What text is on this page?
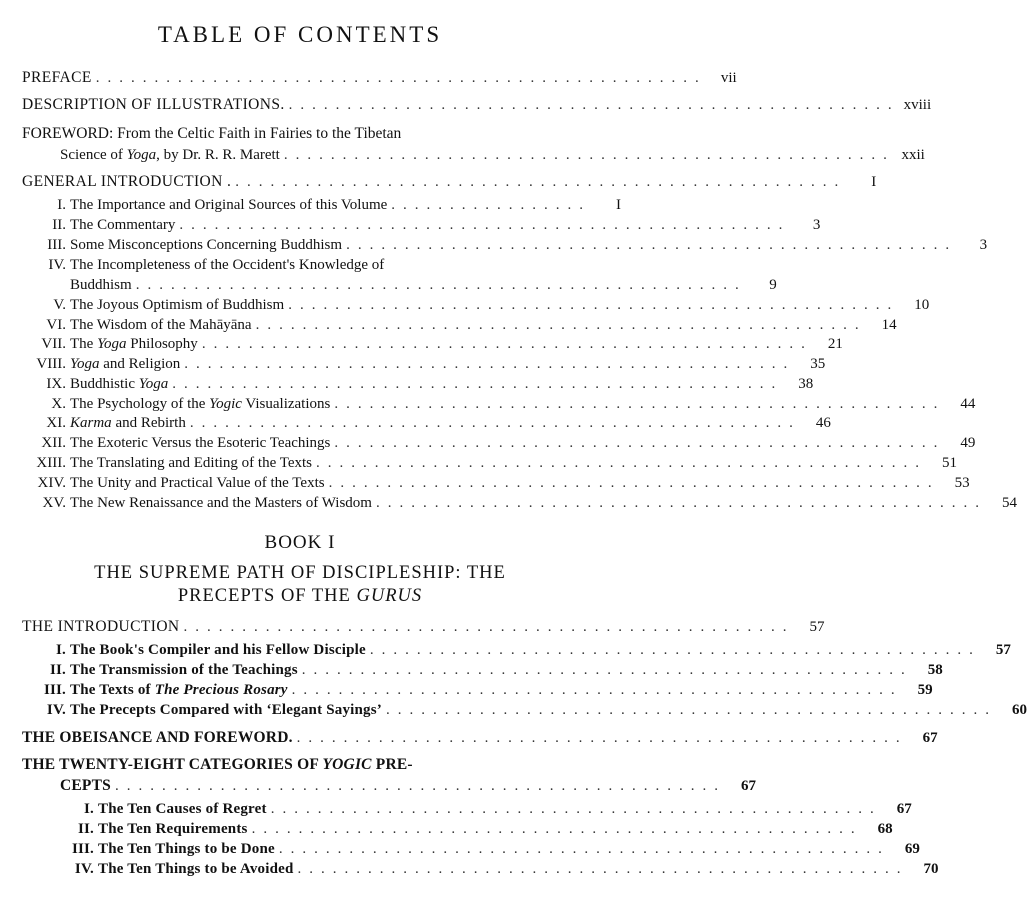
TABLE OF CONTENTS
PREFACE .................................................... vii
DESCRIPTION OF ILLUSTRATIONS. .................................................... xviii
FOREWORD: From the Celtic Faith in Fairies to the Tibetan
Science of Yoga, by Dr. R. R. Marett .................................................... xxii
GENERAL INTRODUCTION . ....................................................	I
I. The Importance and Original Sources of this Volume .................	I
II. The Commentary ....................................................	3
III. Some Misconceptions Concerning Buddhism ....................................................	3
IV. The Incompleteness of the Occident's Knowledge of
Buddhism ....................................................	9
V. The Joyous Optimism of Buddhism ....................................................	10
VI. The Wisdom of the Mahāyāna ....................................................	14
VII. The Yoga Philosophy ....................................................	21
VIII. Yoga and Religion ....................................................	35
IX. Buddhistic Yoga ....................................................	38
X. The Psychology of the Yogic Visualizations ....................................................	44
XI. Karma and Rebirth ....................................................	46
XII. The Exoteric Versus the Esoteric Teachings ....................................................	49
XIII. The Translating and Editing of the Texts ....................................................	51
XIV. The Unity and Practical Value of the Texts ....................................................	53
XV. The New Renaissance and the Masters of Wisdom ....................................................	54
BOOK I
THE SUPREME PATH OF DISCIPLESHIP: THE
PRECEPTS OF THE GURUS
THE INTRODUCTION ....................................................	57
I. The Book's Compiler and his Fellow Disciple ....................................................	57
II. The Transmission of the Teachings ....................................................	58
III. The Texts of The Precious Rosary ....................................................	59
IV. The Precepts Compared with ‘Elegant Sayings’ ....................................................	60
THE OBEISANCE AND FOREWORD. ....................................................	67
THE TWENTY-EIGHT CATEGORIES OF YOGIC PRE-
CEPTS ....................................................	67
I. The Ten Causes of Regret ....................................................	67
II. The Ten Requirements ....................................................	68
III. The Ten Things to be Done ....................................................	69
IV. The Ten Things to be Avoided ....................................................	70
